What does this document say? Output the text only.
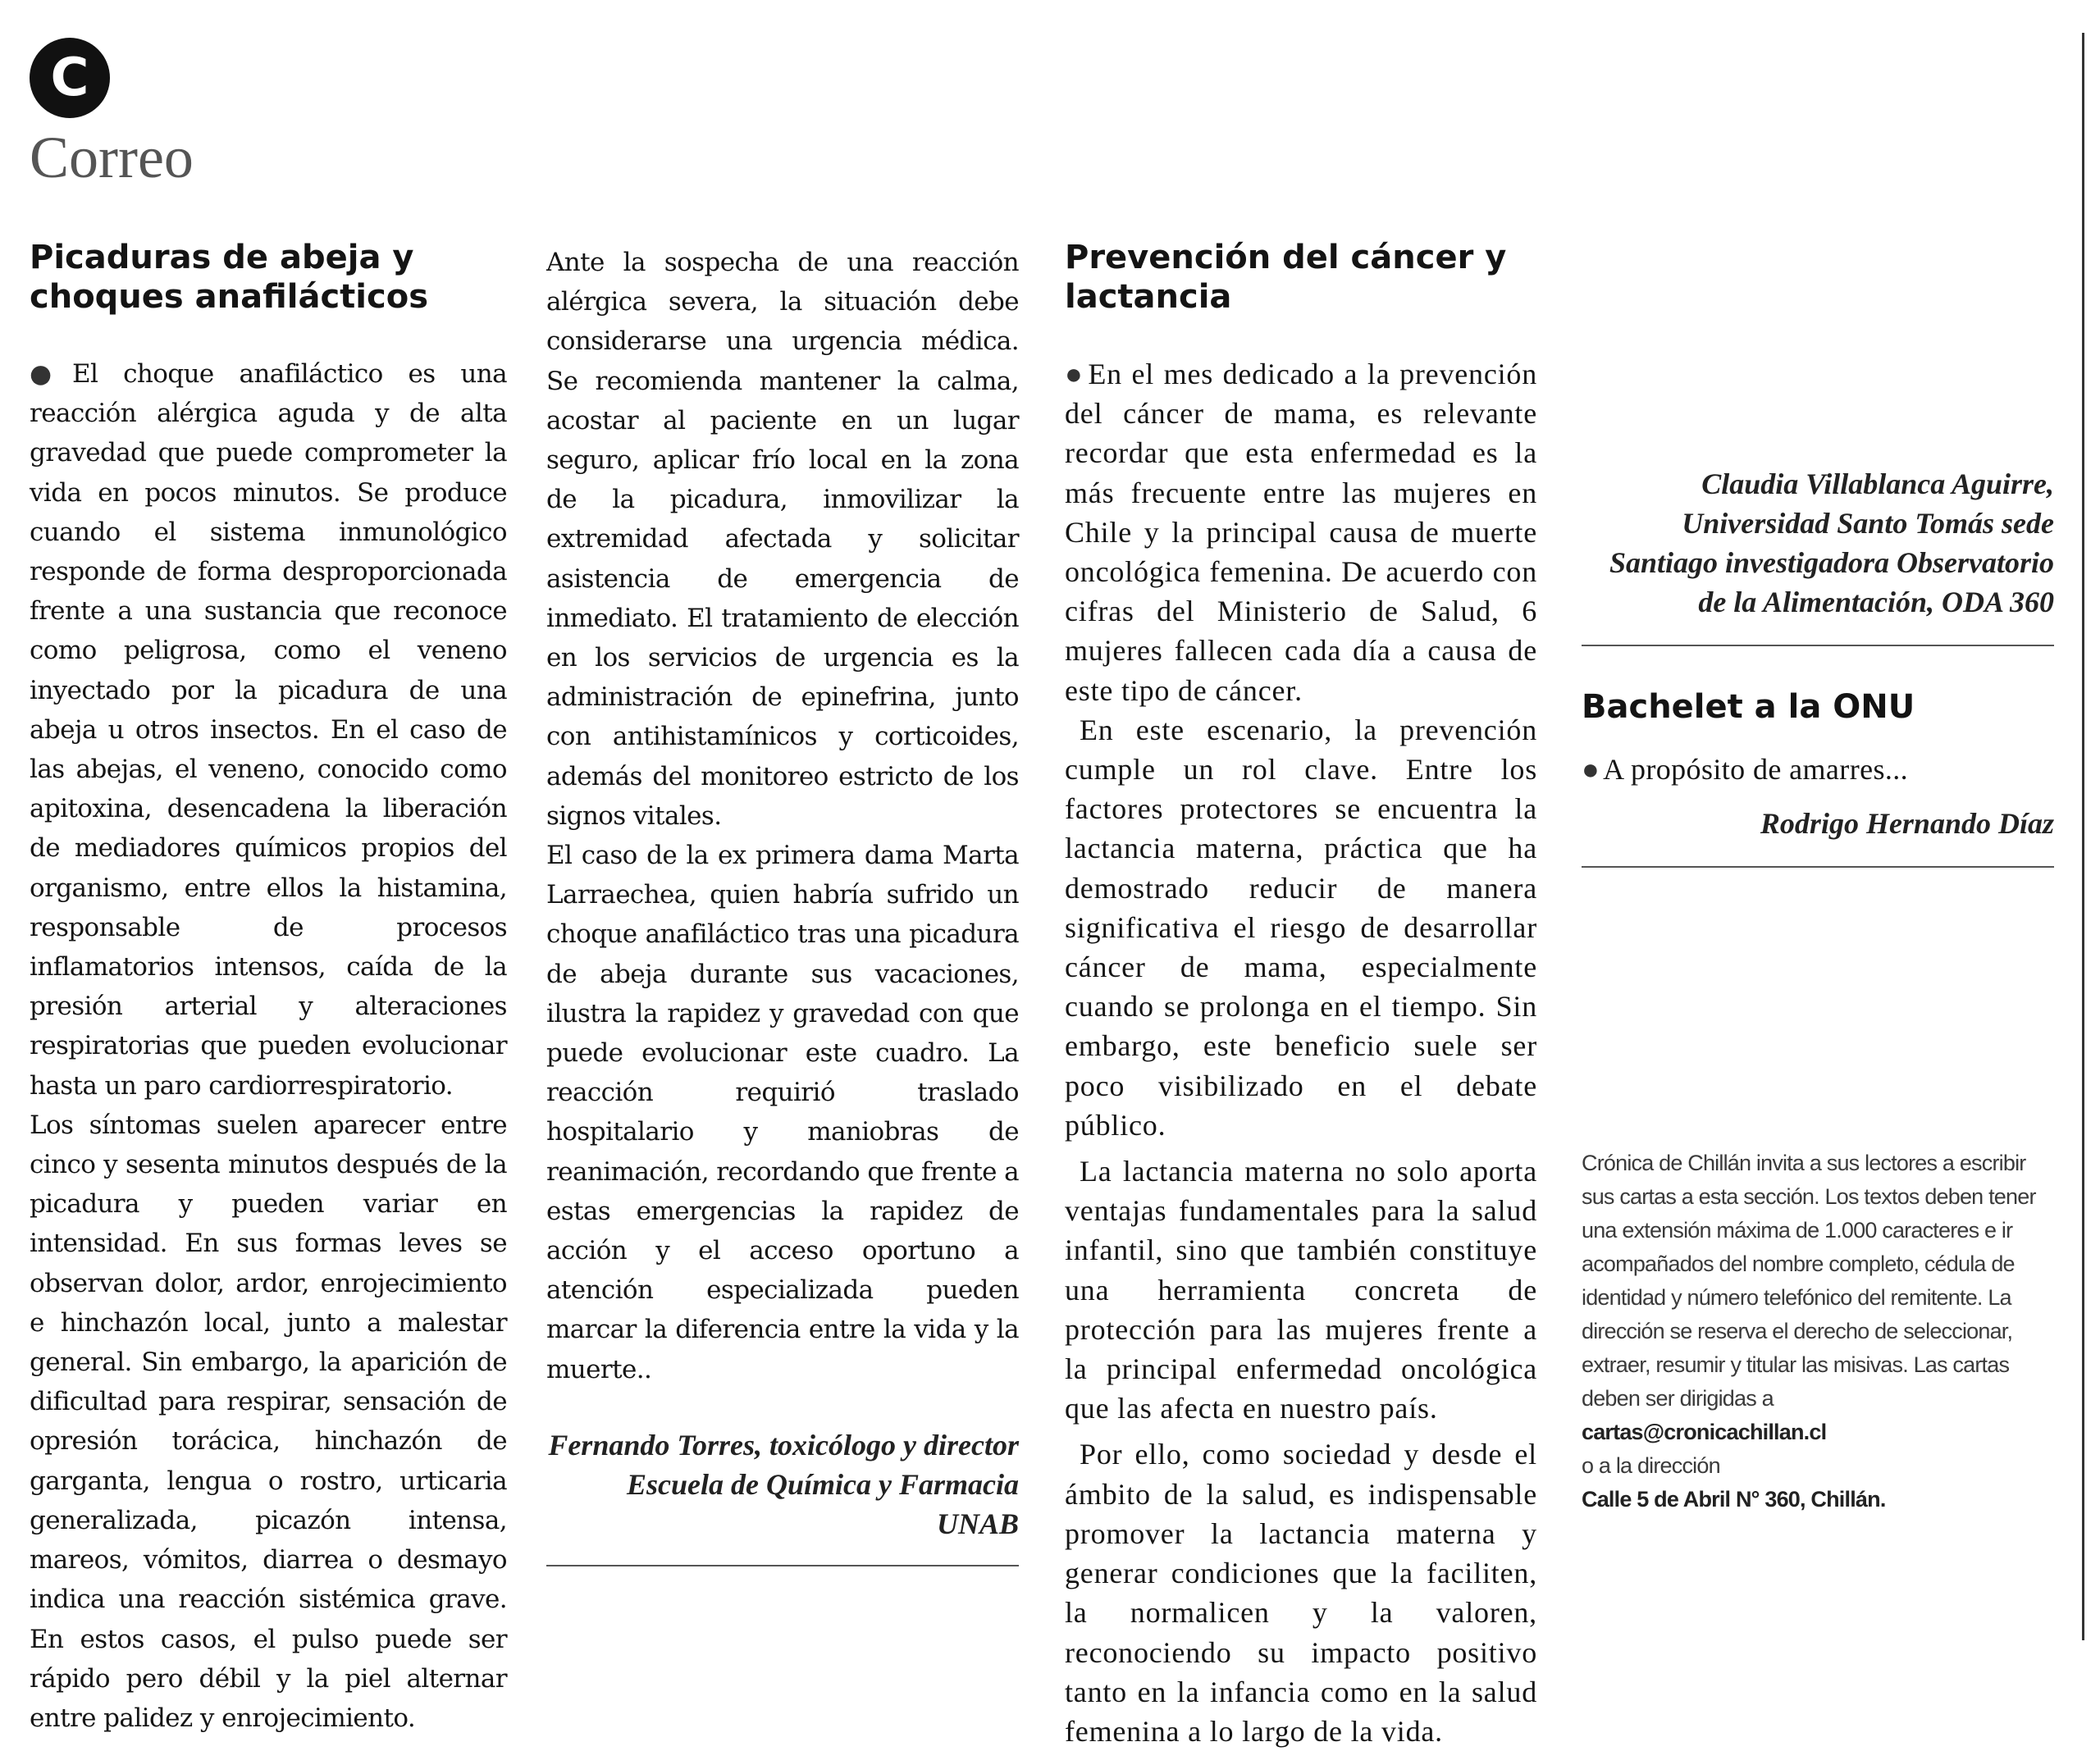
C
Correo
Picaduras de abeja y choques anafilácticos

● El choque anafiláctico es una reacción alérgica aguda y de alta gravedad que puede comprometer la vida en pocos minutos. Se produce cuando el sistema inmunológico responde de forma desproporcionada frente a una sustancia que reconoce como peligrosa, como el veneno inyectado por la picadura de una abeja u otros insectos. En el caso de las abejas, el veneno, conocido como apitoxina, desencadena la liberación de mediadores químicos propios del organismo, entre ellos la histamina, responsable de procesos inflamatorios intensos, caída de la presión arterial y alteraciones respiratorias que pueden evolucionar hasta un paro cardiorrespiratorio.

Los síntomas suelen aparecer entre cinco y sesenta minutos después de la picadura y pueden variar en intensidad. En sus formas leves se observan dolor, ardor, enrojecimiento e hinchazón local, junto a malestar general. Sin embargo, la aparición de dificultad para respirar, sensación de opresión torácica, hinchazón de garganta, lengua o rostro, urticaria generalizada, picazón intensa, mareos, vómitos, diarrea o desmayo indica una reacción sistémica grave. En estos casos, el pulso puede ser rápido pero débil y la piel alternar entre palidez y enrojecimiento.

Ante la sospecha de una reacción alérgica severa, la situación debe considerarse una urgencia médica. Se recomienda mantener la calma, acostar al paciente en un lugar seguro, aplicar frío local en la zona de la picadura, inmovilizar la extremidad afectada y solicitar asistencia de emergencia de inmediato. El tratamiento de elección en los servicios de urgencia es la administración de epinefrina, junto con antihistamínicos y corticoides, además del monitoreo estricto de los signos vitales.

El caso de la ex primera dama Marta Larraechea, quien habría sufrido un choque anafiláctico tras una picadura de abeja durante sus vacaciones, ilustra la rapidez y gravedad con que puede evolucionar este cuadro. La reacción requirió traslado hospitalario y maniobras de reanimación, recordando que frente a estas emergencias la rapidez de acción y el acceso oportuno a atención especializada pueden marcar la diferencia entre la vida y la muerte..

Fernando Torres, toxicólogo y director Escuela de Química y Farmacia UNAB
Prevención del cáncer y lactancia

● En el mes dedicado a la prevención del cáncer de mama, es relevante recordar que esta enfermedad es la más frecuente entre las mujeres en Chile y la principal causa de muerte oncológica femenina. De acuerdo con cifras del Ministerio de Salud, 6 mujeres fallecen cada día a causa de este tipo de cáncer.

En este escenario, la prevención cumple un rol clave. Entre los factores protectores se encuentra la lactancia materna, práctica que ha demostrado reducir de manera significativa el riesgo de desarrollar cáncer de mama, especialmente cuando se prolonga en el tiempo. Sin embargo, este beneficio suele ser poco visibilizado en el debate público.

La lactancia materna no solo aporta ventajas fundamentales para la salud infantil, sino que también constituye una herramienta concreta de protección para las mujeres frente a la principal enfermedad oncológica que las afecta en nuestro país.

Por ello, como sociedad y desde el ámbito de la salud, es indispensable promover la lactancia materna y generar condiciones que la faciliten, la normalicen y la valoren, reconociendo su impacto positivo tanto en la infancia como en la salud femenina a lo largo de la vida.

Claudia Villablanca Aguirre, Universidad Santo Tomás sede Santiago investigadora Observatorio de la Alimentación, ODA 360
Bachelet a la ONU

● A propósito de amarres...

Rodrigo Hernando Díaz
Crónica de Chillán invita a sus lectores a escribir sus cartas a esta sección. Los textos deben tener una extensión máxima de 1.000 caracteres e ir acompañados del nombre completo, cédula de identidad y número telefónico del remitente. La dirección se reserva el derecho de seleccionar, extraer, resumir y titular las misivas. Las cartas deben ser dirigidas a
cartas@cronicachillan.cl
o a la dirección
Calle 5 de Abril N° 360, Chillán.
